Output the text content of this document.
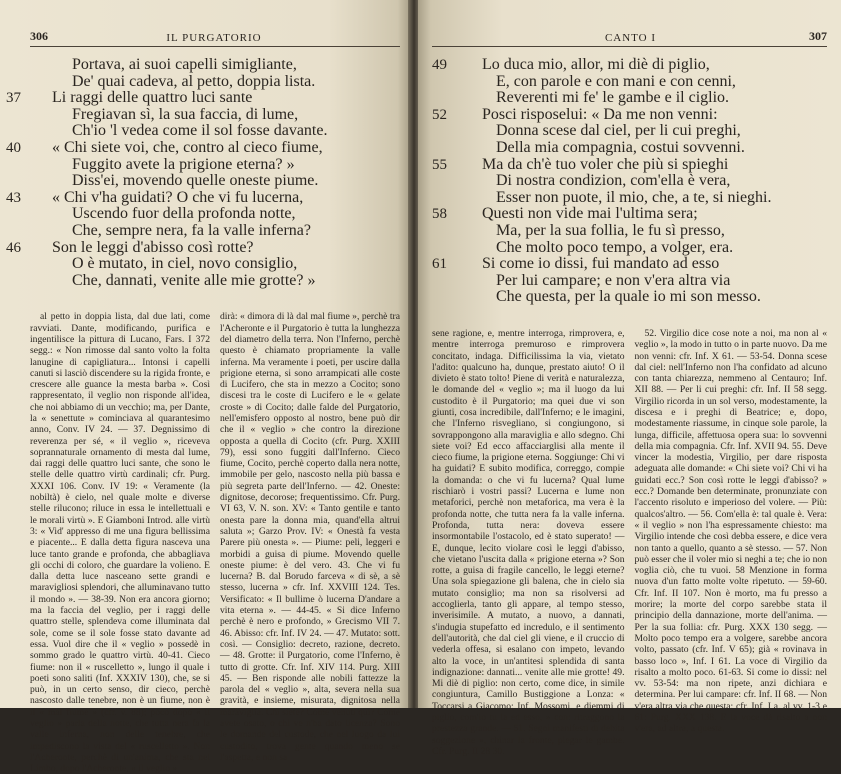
306	IL PURGATORIO
Portava, ai suoi capelli simigliante,
De' quai cadeva, al petto, doppia lista.
37	Li raggi delle quattro luci sante
Fregiavan sì, la sua faccia, di lume,
Ch'io 'l vedea come il sol fosse davante.
40	« Chi siete voi, che, contro al cieco fiume,
Fuggito avete la prigione eterna? »
Diss'ei, movendo quelle oneste piume.
43	« Chi v'ha guidati? O che vi fu lucerna,
Uscendo fuor della profonda notte,
Che, sempre nera, fa la valle inferna?
46	Son le leggi d'abisso così rotte?
O è mutato, in ciel, novo consiglio,
Che, dannati, venite alle mie grotte? »

al petto in doppia lista, dal due lati, come ravviati. Dante, modificando, purifica e ingentilisce la pittura di Lucano, Fars. I 372 segg.: « Non rimosse dal santo volto la folta lanugine di capigliatura... Intonsi i capelli canuti si lasciò discendere su la rigida fronte, e crescere alle guance la mesta barba ». Così rappresentato, il veglio non risponde all'idea, che noi abbiamo di un vecchio; ma, per Dante, la « senettute » cominciava al quarantesimo anno, Conv. IV 24. — 37. Degnissimo di reverenza per sé, « il veglio », riceveva soprannaturale ornamento di mesta dal lume, dai raggi delle quattro luci sante, che sono le stelle delle quattro virtù cardinali; cfr. Purg. XXXI 106. Conv. IV 19: « Veramente (la nobiltà) è cielo, nel quale molte e diverse stelle rilucono; riluce in essa le intellettuali e le morali virtù ». E Giamboni Introd. alle virtù 3: « Vid' appresso di me una figura bellissima e piacente... E dalla detta figura nasceva una luce tanto grande e profonda, che abbagliava gli occhi di coloro, che guardare la volieno. E dalla detta luce nasceano sette grandi e maravigliosi splendori, che alluminavano tutto il mondo ». — 38-39. Non era ancora giorno; ma la faccia del veglio, per i raggi delle quattro stelle, splendeva come illuminata dal sole, come se il sole fosse stato davante ad essa. Vuol dire che il « veglio » possedè in sommo grado le quattro virtù. 40-41. Cieco fiume: non il « ruscelletto », lungo il quale i poeti sono saliti (Inf. XXXIV 130), che, se si può, in un certo senso, dir cieco, perchè nascosto dalle tenebre, non è un fiume, non è il « mal fiume » (cfr. v. 88); poco dopo « il veglio » parla della notte, che tutta nera fa la valle inferna, non delle tenebre, che impediscono la vista del « ruscelletto ». Non l'Acheronte, perchè di un'anima, che sta nel Limbo, dopo l'Acheronte, « il veglio »

dirà: « dimora di là dal mal fiume », perchè tra l'Acheronte e il Purgatorio è tutta la lunghezza del diametro della terra. Non l'Inferno, perchè questo è chiamato propriamente la valle inferna. Ma veramente i poeti, per uscire dalla prigione eterna, si sono arrampicati alle coste di Lucifero, che sta in mezzo a Cocito; sono discesi tra le coste di Lucifero e le « gelate croste » di Cocito; dalle falde del Purgatorio, nell'emisfero opposto al nostro, bene può dir che il « veglio » che contro la direzione opposta a quella di Cocito (cfr. Purg. XXIII 79), essi sono fuggiti dall'Inferno. Cieco fiume, Cocito, perchè coperto dalla nera notte, immobile per gelo, nascosto nella più bassa e più segreta parte dell'Inferno. — 42. Oneste: dignitose, decorose; frequentissimo. Cfr. Purg. VI 63, V. N. son. XV: « Tanto gentile e tanto onesta pare la donna mia, quand'ella altrui saluta »; Garzo Prov. IV: « Onestà fa vesta Parere più onesta ». — Piume: peli, leggeri e morbidi a guisa di piume. Movendo quelle oneste piume: è del vero. 43. Che vi fu lucerna? B. dal Borudo farceva « di sè, a sè stesso, lucerna » cfr. Inf. XXVIII 124. Tes. Versificato: « Il bullime ò lucerna D'andare a vita eterna ». — 44-45. « Si dice Inferno perchè è nero e profondo, » Grecismo VII 7. 46. Abisso: cfr. Inf. IV 24. — 47. Mutato: sott. così. — Consiglio: decreto, razione, decreto. — 48. Grotte: il Purgatorio, come l'Inferno, è tutto di grotte. Cfr. Inf. XIV 114. Purg. XIII 45. — Ben risponde alle nobili fattezze la parola del « veglio », alta, severa nella sua gravità, e insieme, misurata, dignitosa nella maraviglia. Chi siete? Come venuti qui? Come avete osato, o chi ve n'ha dato licenza? Sono le domande del custode, che nel luogo da lui custodito, trova gente quando meno se l'aspetta, e non sa

CANTO I	307
49	Lo duca mio, allor, mi diè di piglio,
E, con parole e con mani e con cenni,
Reverenti mi fe' le gambe e il ciglio.
52	Posci risposelui: « Da me non venni:
Donna scese dal ciel, per li cui preghi,
Della mia compagnia, costui sovvenni.
55	Ma da ch'è tuo voler che più si spieghi
Di nostra condizion, com'ella è vera,
Esser non puote, il mio, che, a te, si nieghi.
58	Questi non vide mai l'ultima sera;
Ma, per la sua follia, le fu sì presso,
Che molto poco tempo, a volger, era.
61	Si come io dissi, fui mandato ad esso
Per lui campare; e non v'era altra via
Che questa, per la quale io mi son messo.

sene ragione, e, mentre interroga, rimprovera, e, mentre interroga premuroso e rimprovera concitato, indaga. Difficilissima la via, vietato l'adito: qualcuno ha, dunque, prestato aiuto! O il divieto è stato tolto! Piene di verità e naturalezza, le domande del « veglio »; ma il luogo da lui custodito è il Purgatorio; ma quei due vi son giunti, cosa incredibile, dall'Inferno; e le imagini, che l'Inferno risvegliano, si congiungono, si sovrappongono alla maraviglia e allo sdegno. Chi siete voi? Ed ecco affacciarglisi alla mente il cieco fiume, la prigione eterna. Soggiunge: Chi vi ha guidati? E subito modifica, correggo, compie la domanda: o che vi fu lucerna? Qual lume rischiarò i vostri passi? Lucerna e lume non metaforici, perchè non metaforica, ma vera è la profonda notte, che tutta nera fa la valle inferna. Profonda, tutta nera: doveva essere insormontabile l'ostacolo, ed è stato superato! — E, dunque, lecito violare così le leggi d'abisso, che vietano l'uscita dalla « prigione eterna »? Son rotte, a guisa di fragile cancello, le leggi eterne? Una sola spiegazione gli balena, che in cielo sia mutato consiglio; ma non sa risolversi ad accoglierla, tanto gli appare, al tempo stesso, inverisimile. A mutato, a nuovo, a dannati, s'indugia stupefatto ed incredulo, e il sentimento dell'autorità, che dal ciel gli viene, e il cruccio di vederla offesa, si esalano con impeto, levando alto la voce, in un'antitesi splendida di santa indignazione: dannati... venite alle mie grotte! 49. Mi diè di piglio: non certo, come dice, in simile congiuntura, Camillo Bustiggione a Lonza: « Toccarsi a Giacomo; Inf. Mossomi, e diemmi di piglio, com'io tu la ed esso, » con: ritraggono la prestezza grande. — 51. Segni manifesti di debita soggezione », chinar la fronte, piegar le gambe. Cfr. Purg. II 28 30.

52. Virgilio dice cose note a noi, ma non al « veglio », la modo in tutto o in parte nuovo. Da me non venni: cfr. Inf. X 61. — 53-54. Donna scese dal ciel: nell'Inferno non l'ha confidato ad alcuno con tanta chiarezza, nemmeno al Centauro; Inf. XII 88. — Per li cui preghi: cfr. Inf. II 58 segg. Virgilio ricorda in un sol verso, modestamente, la discesa e i preghi di Beatrice; e, dopo, modestamente riassume, in cinque sole parole, la lunga, difficile, affettuosa opera sua: lo sovvenni della mia compagnia. Cfr. Inf. XVII 94. 55. Deve vincer la modestia, Virgilio, per dare risposta adeguata alle domande: « Chi siete voi? Chi vi ha guidati ecc.? Son così rotte le leggi d'abisso? » ecc.? Domande ben determinate, pronunziate con l'accento risoluto e imperioso del volere. — Più: qualcos'altro. — 56. Com'ella è: tal quale è. Vera: « il veglio » non l'ha espressamente chiesto: ma Virgilio intende che così debba essere, e dice vera non tanto a quello, quanto a sè stesso. — 57. Non può esser che il voler mio si neghi a te; che io non voglia ciò, che tu vuoi. 58 Menzione in forma nuova d'un fatto molte volte ripetuto. — 59-60. Cfr. Inf. II 107. Non è morto, ma fu presso a morire; la morte del corpo sarebbe stata il principio della dannazione, morte dell'anima. — Per la sua follia: cfr. Purg. XXX 130 segg. — Molto poco tempo era a volgere, sarebbe ancora volto, passato (cfr. Inf. V 65); già « rovinava in basso loco », Inf. I 61. La voce di Virgilio da risalto a molto poco. 61-63. Si come io dissi: nel vv. 53-54: ma non ripete, anzi dichiara e determina. Per lui campare: cfr. Inf. II 68. — Non v'era altra via che questa: cfr. Inf. I a. al vv. 1-3 e 61: Purg. XXX 138. E la voce dà risalto a non v'era, ad altra, a questa.
